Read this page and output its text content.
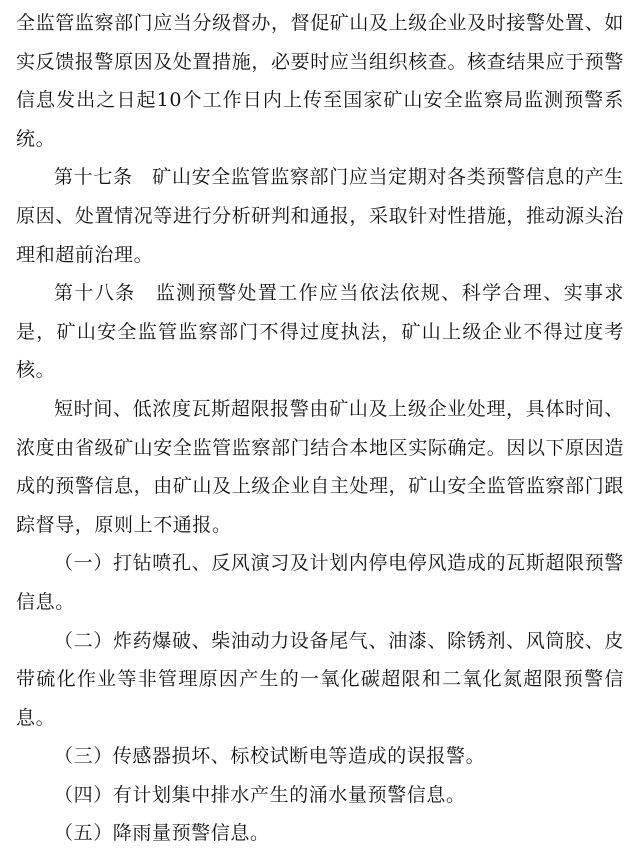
全监管监察部门应当分级督办，督促矿山及上级企业及时接警处置、如实反馈报警原因及处置措施，必要时应当组织核查。核查结果应于预警信息发出之日起10个工作日内上传至国家矿山安全监察局监测预警系统。

第十七条　矿山安全监管监察部门应当定期对各类预警信息的产生原因、处置情况等进行分析研判和通报，采取针对性措施，推动源头治理和超前治理。

第十八条　监测预警处置工作应当依法依规、科学合理、实事求是，矿山安全监管监察部门不得过度执法，矿山上级企业不得过度考核。

短时间、低浓度瓦斯超限报警由矿山及上级企业处理，具体时间、浓度由省级矿山安全监管监察部门结合本地区实际确定。因以下原因造成的预警信息，由矿山及上级企业自主处理，矿山安全监管监察部门跟踪督导，原则上不通报。

（一）打钻喷孔、反风演习及计划内停电停风造成的瓦斯超限预警信息。

（二）炸药爆破、柴油动力设备尾气、油漆、除锈剂、风筒胶、皮带硫化作业等非管理原因产生的一氧化碳超限和二氧化氮超限预警信息。

（三）传感器损坏、标校试断电等造成的误报警。

（四）有计划集中排水产生的涌水量预警信息。

（五）降雨量预警信息。
